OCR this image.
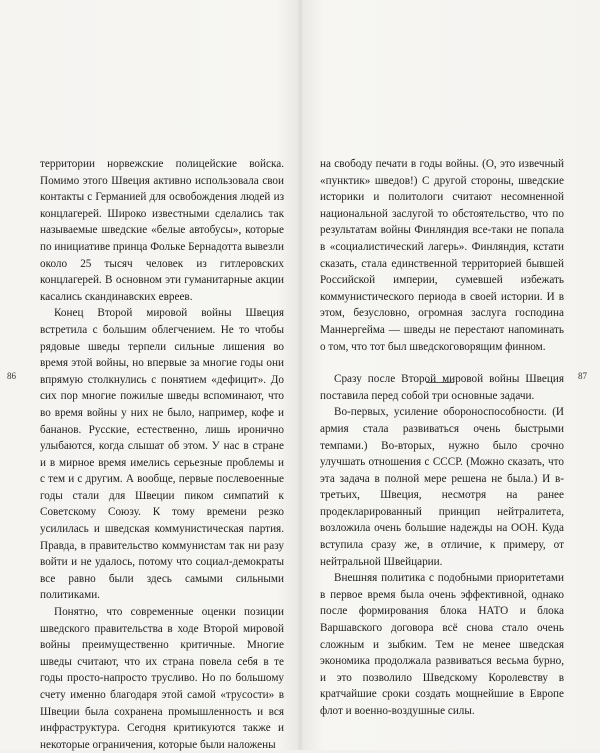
территории норвежские полицейские войска. Помимо этого Швеция активно использовала свои контакты с Германией для освобождения людей из концлагерей. Широко известными сделались так называемые шведские «белые автобусы», которые по инициативе принца Фольке Бернадотта вывезли около 25 тысяч человек из гитлеровских концлагерей. В основном эти гуманитарные акции касались скандинавских евреев.

Конец Второй мировой войны Швеция встретила с большим облегчением. Не то чтобы рядовые шведы терпели сильные лишения во время этой войны, но впервые за многие годы они впрямую столкнулись с понятием «дефицит». До сих пор многие пожилые шведы вспоминают, что во время войны у них не было, например, кофе и бананов. Русские, естественно, лишь иронично улыбаются, когда слышат об этом. У нас в стране и в мирное время имелись серьезные проблемы и с тем и с другим. А вообще, первые послевоенные годы стали для Швеции пиком симпатий к Советскому Союзу. К тому времени резко усилилась и шведская коммунистическая партия. Правда, в правительство коммунистам так ни разу войти и не удалось, потому что социал-демократы все равно были здесь самыми сильными политиками.

Понятно, что современные оценки позиции шведского правительства в ходе Второй мировой войны преимущественно критичные. Многие шведы считают, что их страна повела себя в те годы просто-напросто трусливо. Но по большому счету именно благодаря этой самой «трусости» в Швеции была сохранена промышленность и вся инфраструктура. Сегодня критикуются также и некоторые ограничения, которые были наложены

86

на свободу печати в годы войны. (О, это извечный «пунктик» шведов!) С другой стороны, шведские историки и политологи считают несомненной национальной заслугой то обстоятельство, что по результатам войны Финляндия все-таки не попала в «социалистический лагерь». Финляндия, кстати сказать, стала единственной территорией бывшей Российской империи, сумевшей избежать коммунистического периода в своей истории. И в этом, безусловно, огромная заслуга господина Маннергейма — шведы не перестают напоминать о том, что тот был шведскоговорящим финном.

Сразу после Второй мировой войны Швеция поставила перед собой три основные задачи.

Во-первых, усиление обороноспособности. (И армия стала развиваться очень быстрыми темпами.) Во-вторых, нужно было срочно улучшать отношения с СССР. (Можно сказать, что эта задача в полной мере решена не была.) И в-третьих, Швеция, несмотря на ранее продекларированный принцип нейтралитета, возложила очень большие надежды на ООН. Куда вступила сразу же, в отличие, к примеру, от нейтральной Швейцарии.

Внешняя политика с подобными приоритетами в первое время была очень эффективной, однако после формирования блока НАТО и блока Варшавского договора всё снова стало очень сложным и зыбким. Тем не менее шведская экономика продолжала развиваться весьма бурно, и это позволило Шведскому Королевству в кратчайшие сроки создать мощнейшие в Европе флот и военно-воздушные силы.

87
